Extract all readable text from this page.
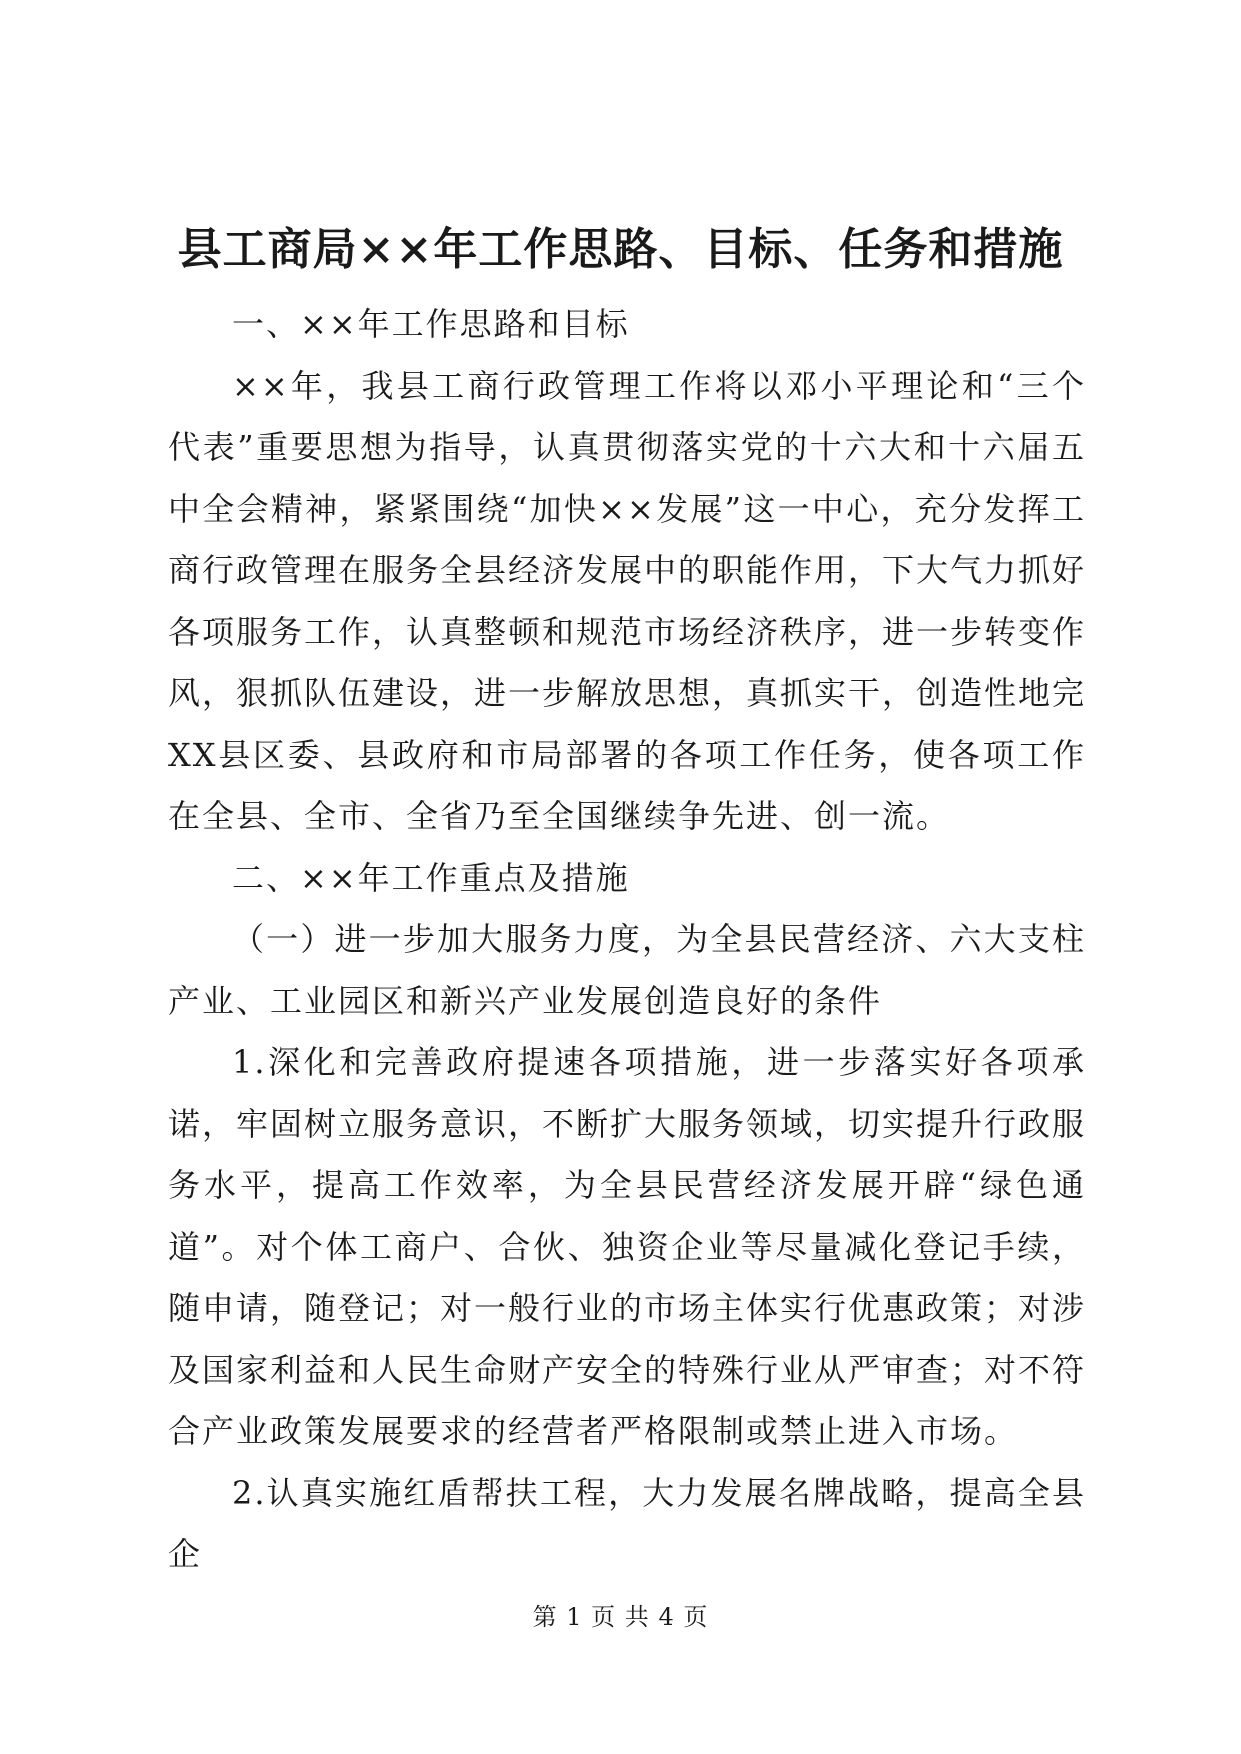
县工商局××年工作思路、目标、任务和措施

一、××年工作思路和目标

××年，我县工商行政管理工作将以邓小平理论和“三个代表”重要思想为指导，认真贯彻落实党的十六大和十六届五中全会精神，紧紧围绕“加快××发展”这一中心，充分发挥工商行政管理在服务全县经济发展中的职能作用，下大气力抓好各项服务工作，认真整顿和规范市场经济秩序，进一步转变作风，狠抓队伍建设，进一步解放思想，真抓实干，创造性地完XX县区委、县政府和市局部署的各项工作任务，使各项工作在全县、全市、全省乃至全国继续争先进、创一流。

二、××年工作重点及措施

（一）进一步加大服务力度，为全县民营经济、六大支柱产业、工业园区和新兴产业发展创造良好的条件

1.深化和完善政府提速各项措施，进一步落实好各项承诺，牢固树立服务意识，不断扩大服务领域，切实提升行政服务水平，提高工作效率，为全县民营经济发展开辟“绿色通道”。对个体工商户、合伙、独资企业等尽量减化登记手续，随申请，随登记；对一般行业的市场主体实行优惠政策；对涉及国家利益和人民生命财产安全的特殊行业从严审查；对不符合产业政策发展要求的经营者严格限制或禁止进入市场。

2.认真实施红盾帮扶工程，大力发展名牌战略，提高全县企

第 1 页 共 4 页
